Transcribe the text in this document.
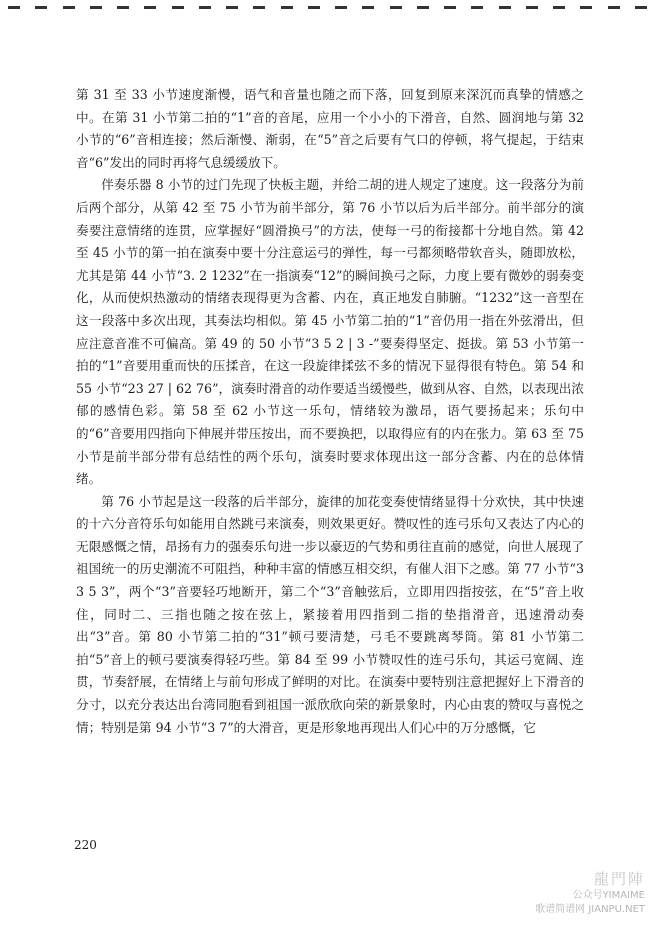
第 31 至 33 小节速度渐慢，语气和音量也随之而下落，回复到原来深沉而真挚的情感之中。在第 31 小节第二拍的“1”音的音尾，应用一个小小的下滑音，自然、圆润地与第 32 小节的“6”音相连接；然后渐慢、渐弱，在“5”音之后要有气口的停顿，将气提起，于结束音“6”发出的同时再将气息缓缓放下。

伴奏乐器 8 小节的过门先现了快板主题，并给二胡的进人规定了速度。这一段落分为前后两个部分，从第 42 至 75 小节为前半部分，第 76 小节以后为后半部分。前半部分的演奏要注意情绪的连贯，应掌握好“圆滑换弓”的方法，使每一弓的衔接都十分地自然。第 42 至 45 小节的第一拍在演奏中要十分注意运弓的弹性，每一弓都须略带软音头，随即放松，尤其是第 44 小节“3. 2 1232”在一指演奏“12”的瞬间换弓之际，力度上要有微妙的弱奏变化，从而使炽热激动的情绪表现得更为含蓄、内在，真正地发自肺腑。“1232”这一音型在这一段落中多次出现，其奏法均相似。第 45 小节第二拍的“1”音仍用一指在外弦滑出，但应注意音准不可偏高。第 49 的 50 小节“3 5 2 | 3 -”要奏得坚定、挺拔。第 53 小节第一拍的“1”音要用重而快的压揉音，在这一段旋律揉弦不多的情况下显得很有特色。第 54 和 55 小节“23 27 | 62 76”，演奏时滑音的动作要适当缓慢些，做到从容、自然，以表现出浓郁的感情色彩。第 58 至 62 小节这一乐句，情绪较为激昂，语气要扬起来；乐句中的“6”音要用四指向下伸展并带压按出，而不要换把，以取得应有的内在张力。第 63 至 75 小节是前半部分带有总结性的两个乐句，演奏时要求体现出这一部分含蓄、内在的总体情绪。

第 76 小节起是这一段落的后半部分，旋律的加花变奏使情绪显得十分欢快，其中快速的十六分音符乐句如能用自然跳弓来演奏，则效果更好。赞叹性的连弓乐句又表达了内心的无限感慨之情，昂扬有力的强奏乐句进一步以豪迈的气势和勇往直前的感觉，向世人展现了祖国统一的历史潮流不可阻挡，种种丰富的情感互相交织，有催人泪下之感。第 77 小节“3 3 5 3”，两个“3”音要轻巧地断开，第二个“3”音触弦后，立即用四指按弦，在“5”音上收住，同时二、三指也随之按在弦上，紧接着用四指到二指的垫指滑音，迅速滑动奏出“3”音。第 80 小节第二拍的“31”顿弓要清楚，弓毛不要跳离琴筒。第 81 小节第二拍“5”音上的顿弓要演奏得轻巧些。第 84 至 99 小节赞叹性的连弓乐句，其运弓宽阔、连贯，节奏舒展，在情绪上与前句形成了鲜明的对比。在演奏中要特别注意把握好上下滑音的分寸，以充分表达出台湾同胞看到祖国一派欣欣向荣的新景象时，内心由衷的赞叹与喜悦之情；特别是第 94 小节“3 7”的大滑音，更是形象地再现出人们心中的万分感慨，它

220
龍門陣
公众号YIMAIME
歌谱简谱网 JIANPU.NET
